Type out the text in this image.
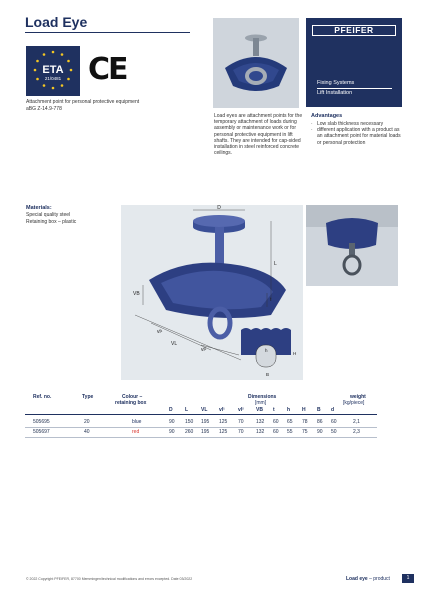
Load Eye
ETA
21/0481 CE
Attachment point for personal protective equipment aBG Z-14.9-778
PFEIFER
Fixing Systems
Lift Installation
Load eyes are attachment points for the temporary attachment of loads during assembly or maintenance work or for personal protective equipment in lift shafts. They are intended for cap-sided installation in steel reinforced concrete ceilings.
Advantages
· Low slab thickness necessary
· different application with a product as an attachment point for material loads or personal protection
Materials:
Special quality steel
Retaining box – plastic
D
L
t
VB
vl¹
vl²
VL
h
H
B
Ref. no.	Type	Colour –
retaining box
Dimensions
[mm]
weight
[kg/piece]
D L	VL vl¹	vl² VB t h H B d
505695	20	blue	90 150 195 125 70 132 60 65 78 86 60	2,1
505697	40	red	90 260 195 125 70 132 60 55 75 90 50	2,3
© 2022 Copyright PFEIFER, 87700 Memmingen/technical modifications and errors excepted. Date 03/2022	Load eye – product	1
